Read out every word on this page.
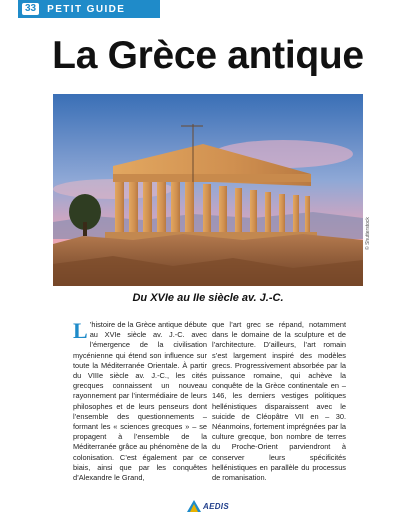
33	PETIT GUIDE
La Grèce antique
© Shutterstock
Du XVIe au IIe siècle av. J.-C.
L ’histoire de la Grèce antique débute au XVIe siècle av. J.-C. avec l’émergence de la civilisation mycénienne qui étend son influence sur toute la Méditerranée Orientale. À partir du VIIIe siècle av. J.-C., les cités grecques connaissent un nouveau rayonnement par l’intermédiaire de leurs philosophes et de leurs penseurs dont l’ensemble des questionnements – formant les « sciences grecques » – se propagent à l’ensemble de la Méditerranée grâce au phénomène de la colonisation. C’est également par ce biais, ainsi que par les conquêtes d’Alexandre le Grand,

que l’art grec se répand, notamment dans le domaine de la sculpture et de l’architecture. D’ailleurs, l’art romain s’est largement inspiré des modèles grecs. Progressivement absorbée par la puissance romaine, qui achève la conquête de la Grèce continentale en –146, les derniers vestiges politiques hellénistiques disparaissent avec le suicide de Cléopâtre VII en – 30. Néanmoins, fortement imprégnées par la culture grecque, bon nombre de terres du Proche-Orient parviendront à conserver leurs spécificités hellénistiques en parallèle du processus de romanisation.

AEDIS
